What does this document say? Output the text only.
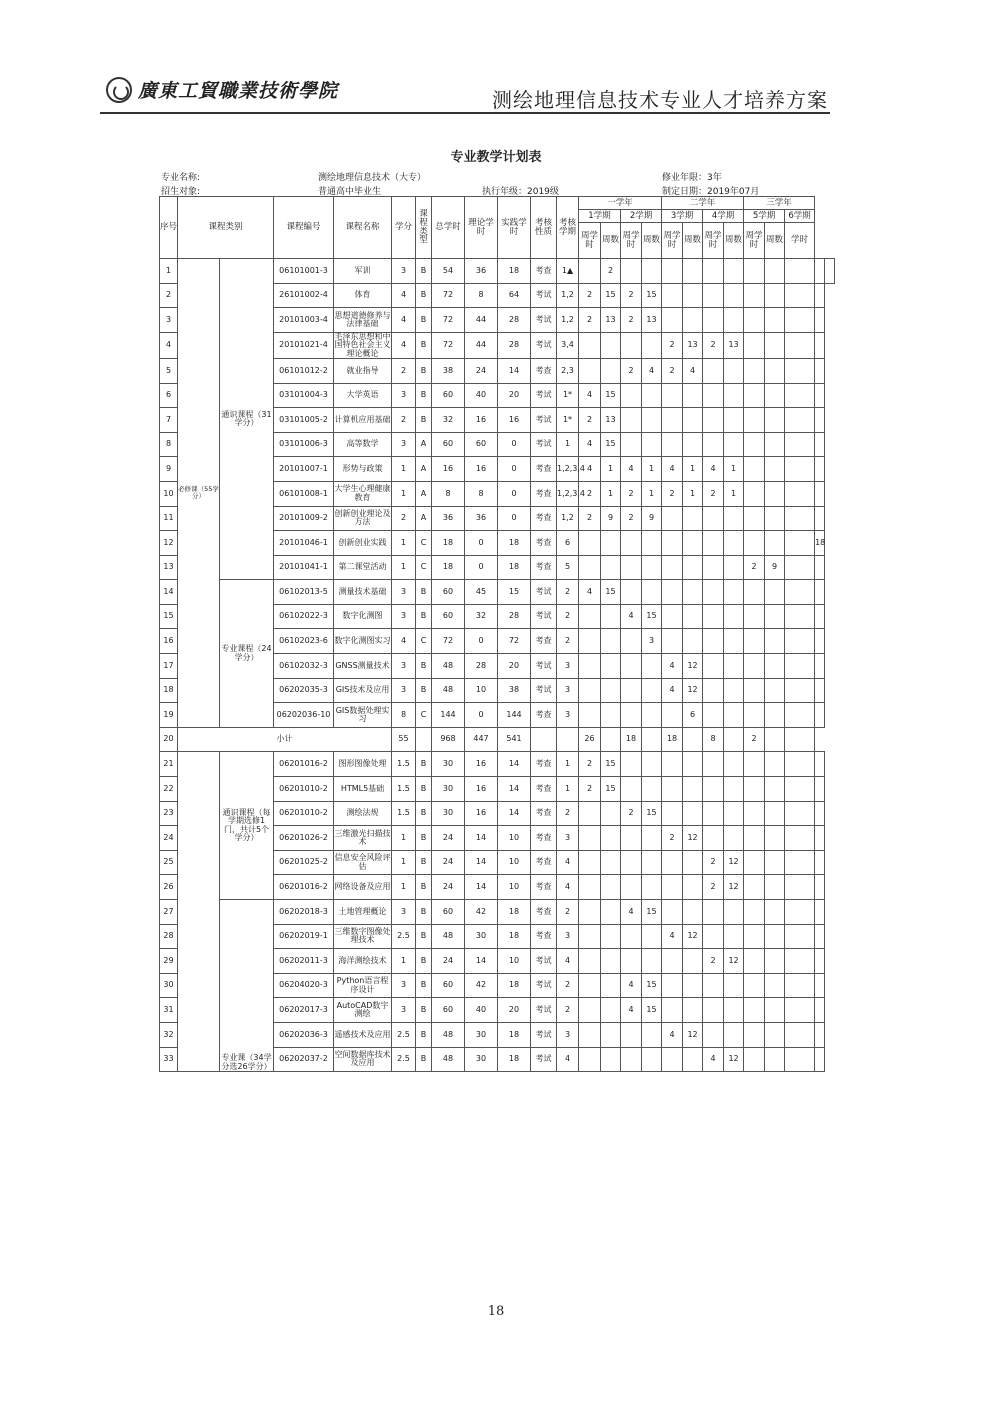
廣東工貿職業技術學院	测绘地理信息技术专业人才培养方案
专业教学计划表
专业名称:	测绘地理信息技术（大专）	修业年限：3年
招生对象:	普通高中毕业生	执行年级：2019级	制定日期：2019年07月
序号	课程类别		课程编号	课程名称	学分	课程类型	总学时	理论学时	实践学时	考核性质	考核学期	一学年				二学年				三学年				
												1学期		2学期		3学期		4学期		5学期		6学期		
												周学时	周数	周学时	周数	周学时	周数	周学时	周数	周学时	周数	学时		
1	必修课（55学分）	通识课程（31学分）	06101001-3	军训	3	B	54	36	18	考查	1▲		2											
2			26101002-4	体育	4	B	72	8	64	考试	1,2	2	15	2	15									
3			20101003-4	思想道德修养与法律基础	4	B	72	44	28	考试	1,2	2	13	2	13									
4			20101021-4	毛泽东思想和中国特色社会主义理论概论	4	B	72	44	28	考试	3,4					2	13	2	13					
5			06101012-2	就业指导	2	B	38	24	14	考查	2,3			2	4	2	4							
6			03101004-3	大学英语	3	B	60	40	20	考试	1*	4	15											
7			03101005-2	计算机应用基础	2	B	32	16	16	考试	1*	2	13											
8			03101006-3	高等数学	3	A	60	60	0	考试	1	4	15											
9			20101007-1	形势与政策	1	A	16	16	0	考查	1,2,3,4	4	1	4	1	4	1	4	1					
10			06101008-1	大学生心理健康教育	1	A	8	8	0	考查	1,2,3,4	2	1	2	1	2	1	2	1					
11			20101009-2	创新创业理论及方法	2	A	36	36	0	考查	1,2	2	9	2	9									
12			20101046-1	创新创业实践	1	C	18	0	18	考查	6												18	
13			20101041-1	第二课堂活动	1	C	18	0	18	考查	5									2	9			
14		专业课程（24学分）	06102013-5	测量技术基础	3	B	60	45	15	考试	2	4	15											
15			06102022-3	数字化测图	3	B	60	32	28	考试	2			4	15									
16			06102023-6	数字化测图实习	4	C	72	0	72	考查	2				3									
17			06102032-3	GNSS测量技术	3	B	48	28	20	考试	3					4	12							
18			06202035-3	GIS技术及应用	3	B	48	10	38	考试	3					4	12							
19			06202036-10	GIS数据处理实习	8	C	144	0	144	考查	3						6							
20	小计				55		968	447	541			26		18		18		8		2				
21		通识课程（每学期选修1门，共计5个学分）	06201016-2	图形图像处理	1.5	B	30	16	14	考查	1	2	15											
22			06201010-2	HTML5基础	1.5	B	30	16	14	考查	1	2	15											
23			06201010-2	测绘法规	1.5	B	30	16	14	考查	2			2	15									
24			06201026-2	三维激光扫描技术	1	B	24	14	10	考查	3					2	12							
25			06201025-2	信息安全风险评估	1	B	24	14	10	考查	4							2	12					
26			06201016-2	网络设备及应用	1	B	24	14	10	考查	4							2	12					
27		专业课（34学分选26学分）	06202018-3	土地管理概论	3	B	60	42	18	考查	2			4	15									
28			06202019-1	三维数字图像处理技术	2.5	B	48	30	18	考查	3					4	12							
29			06202011-3	海洋测绘技术	1	B	24	14	10	考试	4							2	12					
30			06204020-3	Python语言程序设计	3	B	60	42	18	考试	2			4	15									
31			06202017-3	AutoCAD数字测绘	3	B	60	40	20	考试	2			4	15									
32			06202036-3	遥感技术及应用	2.5	B	48	30	18	考试	3					4	12							
33			06202037-2	空间数据库技术及应用	2.5	B	48	30	18	考试	4							4	12					
18
